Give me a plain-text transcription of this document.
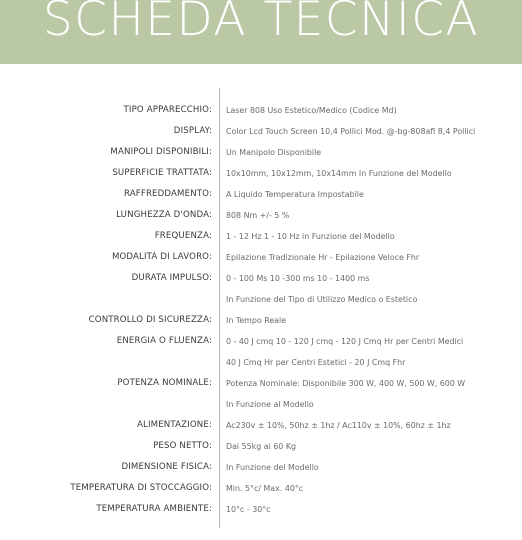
SCHEDA TECNICA
TIPO APPARECCHIO: Laser 808 Uso Estetico/Medico (Codice Md)
DISPLAY: Color Lcd Touch Screen 10,4 Pollici Mod. @-bg-808afl 8,4 Pollici
MANIPOLI DISPONIBILI: Un Manipolo Disponibile
SUPERFICIE TRATTATA: 10x10mm, 10x12mm, 10x14mm In Funzione del Modello
RAFFREDDAMENTO: A Liquido Temperatura Impostabile
LUNGHEZZA D'ONDA: 808 Nm +/- 5 %
FREQUENZA: 1 - 12 Hz 1 - 10 Hz in Funzione del Modello
MODALITÀ DI LAVORO: Epilazione Tradizionale Hr - Epilazione Veloce Fhr
DURATA IMPULSO: 0 - 100 Ms 10 -300 ms 10 - 1400 ms
In Funzione del Tipo di Utilizzo Medico o Estetico
CONTROLLO DI SICUREZZA: In Tempo Reale
ENERGIA O FLUENZA: 0 - 40 J cmq 10 - 120 J cmq - 120 J Cmq Hr per Centri Medici
40 J Cmq Hr per Centri Estetici - 20 J Cmq Fhr
POTENZA NOMINALE: Potenza Nominale: Disponibile 300 W, 400 W, 500 W, 600 W
In Funzione al Modello
ALIMENTAZIONE: Ac230v ± 10%, 50hz ± 1hz / Ac110v ± 10%, 60hz ± 1hz
PESO NETTO: Dai 55kg ai 60 Kg
DIMENSIONE FISICA: In Funzione del Modello
TEMPERATURA DI STOCCAGGIO: Min. 5°c/ Max. 40°c
TEMPERATURA AMBIENTE: 10°c - 30°c
